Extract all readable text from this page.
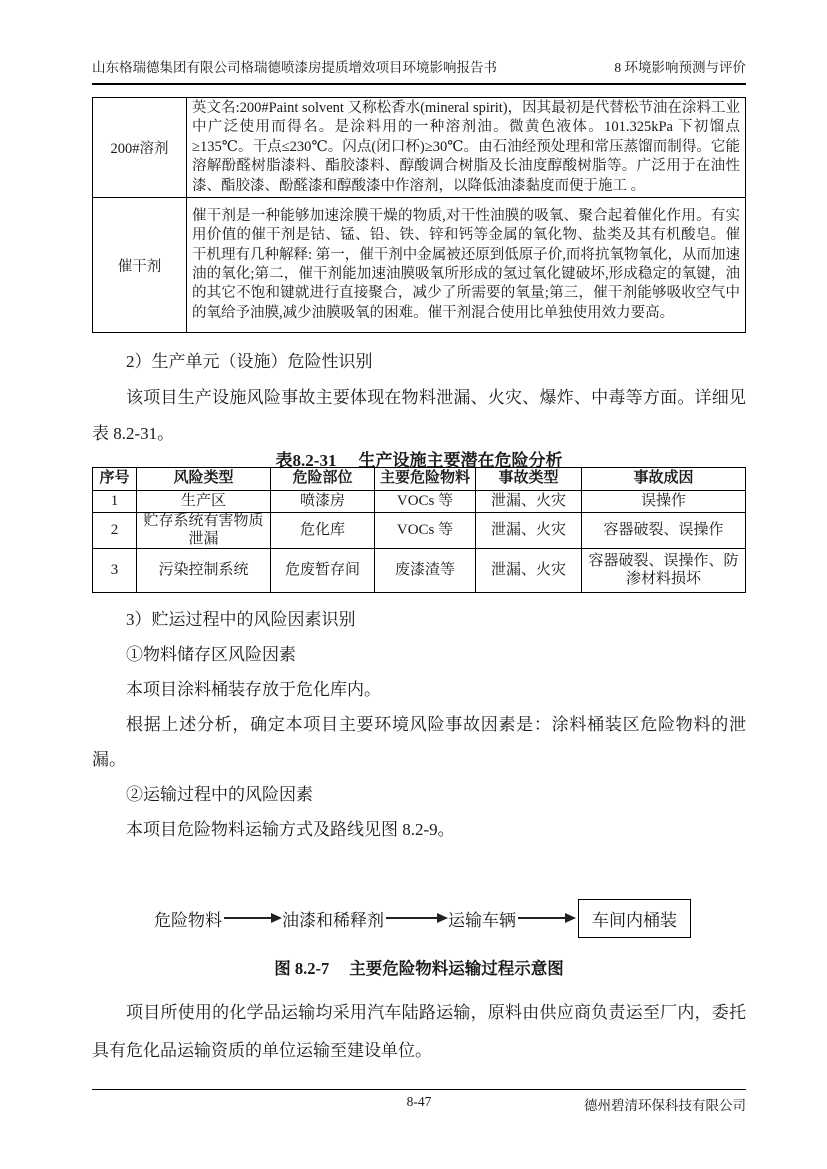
山东格瑞德集团有限公司格瑞德喷漆房提质增效项目环境影响报告书	8 环境影响预测与评价
200#溶剂	英文名:200#Paint solvent 又称松香水(mineral spirit)，因其最初是代替松节油在涂料工业中广泛使用而得名。是涂料用的一种溶剂油。微黄色液体。101.325kPa 下初馏点≥135℃。干点≤230℃。闪点(闭口杯)≥30℃。由石油经预处理和常压蒸馏而制得。它能溶解酚醛树脂漆料、酯胶漆料、醇酸调合树脂及长油度醇酸树脂等。广泛用于在油性漆、酯胶漆、酚醛漆和醇酸漆中作溶剂，以降低油漆黏度而便于施工 。

催干剂	催干剂是一种能够加速涂膜干燥的物质,对干性油膜的吸氧、聚合起着催化作用。有实用价值的催干剂是钴、锰、铅、铁、锌和钙等金属的氧化物、盐类及其有机酸皂。催干机理有几种解释: 第一，催干剂中金属被还原到低原子价,而将抗氧物氧化，从而加速油的氧化;第二，催干剂能加速油膜吸氧所形成的氢过氧化键破坏,形成稳定的氧键，油的其它不饱和键就进行直接聚合，减少了所需要的氧量;第三，催干剂能够吸收空气中的氧给予油膜,减少油膜吸氧的困难。催干剂混合使用比单独使用效力要高。

2）生产单元（设施）危险性识别

该项目生产设施风险事故主要体现在物料泄漏、火灾、爆炸、中毒等方面。详细见表 8.2-31。

表8.2-31 生产设施主要潜在危险分析
序号	风险类型	危险部位	主要危险物料	事故类型	事故成因
1	生产区	喷漆房	VOCs 等	泄漏、火灾	误操作
2	贮存系统有害物质泄漏	危化库	VOCs 等	泄漏、火灾	容器破裂、误操作
3	污染控制系统	危废暂存间	废漆渣等	泄漏、火灾	容器破裂、误操作、防渗材料损坏

3）贮运过程中的风险因素识别

①物料储存区风险因素

本项目涂料桶装存放于危化库内。

根据上述分析，确定本项目主要环境风险事故因素是：涂料桶装区危险物料的泄漏。

②运输过程中的风险因素

本项目危险物料运输方式及路线见图 8.2-9。

危险物料	油漆和稀释剂	运输车辆	车间内桶装
图 8.2-7 主要危险物料运输过程示意图
项目所使用的化学品运输均采用汽车陆路运输，原料由供应商负责运至厂内，委托具有危化品运输资质的单位运输至建设单位。
8-47	德州碧清环保科技有限公司
